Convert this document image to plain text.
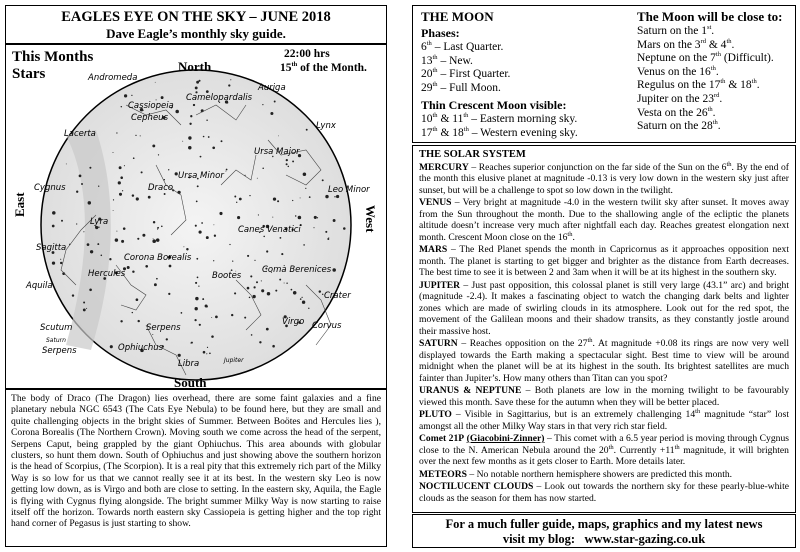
EAGLES EYE ON THE SKY – JUNE 2018
Dave Eagle’s monthly sky guide.
This Months
Stars
22:00 hrs
15th of the Month.
Andromeda
Auriga
Camelopardalis
Cassiopeia
Cepheus
Lacerta
Lynx
Cygnus
Ursa Major
Ursa Minor
Draco	Leo Minor
Lyra
Canes Venatici
Sagitta
Corona Borealis
Coma Berenices
Hercules	Bootes
Aquila
Crater
Scutum
Virgo Corvus
Serpens
Ophiuchus
Saturn
Serpens
Libra	Jupiter
North
South
East
West
The body of Draco (The Dragon) lies overhead, there are some faint galaxies and a fine planetary nebula NGC 6543 (The Cats Eye Nebula) to be found here, but they are small and quite challenging objects in the bright skies of Summer. Between Boötes and Hercules lies ), Corona Borealis (The Northern Crown). Moving south we come across the head of the serpent, Serpens Caput, being grappled by the giant Ophiuchus. This area abounds with globular clusters, so hunt them down. South of Ophiuchus and just showing above the southern horizon is the head of Scorpius, (The Scorpion). It is a real pity that this extremely rich part of the Milky Way is so low for us that we cannot really see it at its best. In the western sky Leo is now getting low down, as is Virgo and both are close to setting. In the eastern sky, Aquila, the Eagle is flying with Cygnus flying alongside. The bright summer Milky Way is now starting to raise itself off the horizon. Towards north eastern sky Cassiopeia is getting higher and the top right hand corner of Pegasus is just starting to show.
THE MOON
Phases:
6th – Last Quarter.
13th – New.
20th – First Quarter.
29th – Full Moon.
Thin Crescent Moon visible:
10th & 11th – Eastern morning sky.
17th & 18th – Western evening sky.
The Moon will be close to:
Saturn on the 1st.
Mars on the 3rd & 4th.
Neptune on the 7th (Difficult).
Venus on the 16th.
Regulus on the 17th & 18th.
Jupiter on the 23rd.
Vesta on the 26th.
Saturn on the 28th.
THE SOLAR SYSTEM

MERCURY – Reaches superior conjunction on the far side of the Sun on the 6th. By the end of the month this elusive planet at magnitude -0.13 is very low down in the western sky just after sunset, but will be a challenge to spot so low down in the twilight.

VENUS – Very bright at magnitude -4.0 in the western twilit sky after sunset. It moves away from the Sun throughout the month. Due to the shallowing angle of the ecliptic the planets altitude doesn’t increase very much after nightfall each day. Reaches greatest elongation next month. Crescent Moon close on the 16th.

MARS – The Red Planet spends the month in Capricornus as it approaches opposition next month. The planet is starting to get bigger and brighter as the distance from Earth decreases. The best time to see it is between 2 and 3am when it will be at its highest in the southern sky.

JUPITER – Just past opposition, this colossal planet is still very large (43.1” arc) and bright (magnitude -2.4). It makes a fascinating object to watch the changing dark belts and lighter zones which are made of swirling clouds in its atmosphere. Look out for the red spot, the movement of the Galilean moons and their shadow transits, as they constantly jostle around their massive host.

SATURN – Reaches opposition on the 27th. At magnitude +0.08 its rings are now very well displayed towards the Earth making a spectacular sight. Best time to view will be around midnight when the planet will be at its highest in the south. Its brightest satellites are much fainter than Jupiter’s. How many others than Titan can you spot?

URANUS & NEPTUNE – Both planets are low in the morning twilight to be favourably viewed this month. Save these for the autumn when they will be better placed.

PLUTO – Visible in Sagittarius, but is an extremely challenging 14th magnitude “star” lost amongst all the other Milky Way stars in that very rich star field.

Comet 21P (Giacobini-Zinner) – This comet with a 6.5 year period is moving through Cygnus close to the N. American Nebula around the 20th. Currently +11th magnitude, it will brighten over the next few months as it gets closer to Earth. More details later.

METEORS – No notable northern hemisphere showers are predicted this month.

NOCTILUCENT CLOUDS – Look out towards the northern sky for these pearly-blue-white clouds as the season for them has now started.

For a much fuller guide, maps, graphics and my latest news
visit my blog:   www.star-gazing.co.uk
